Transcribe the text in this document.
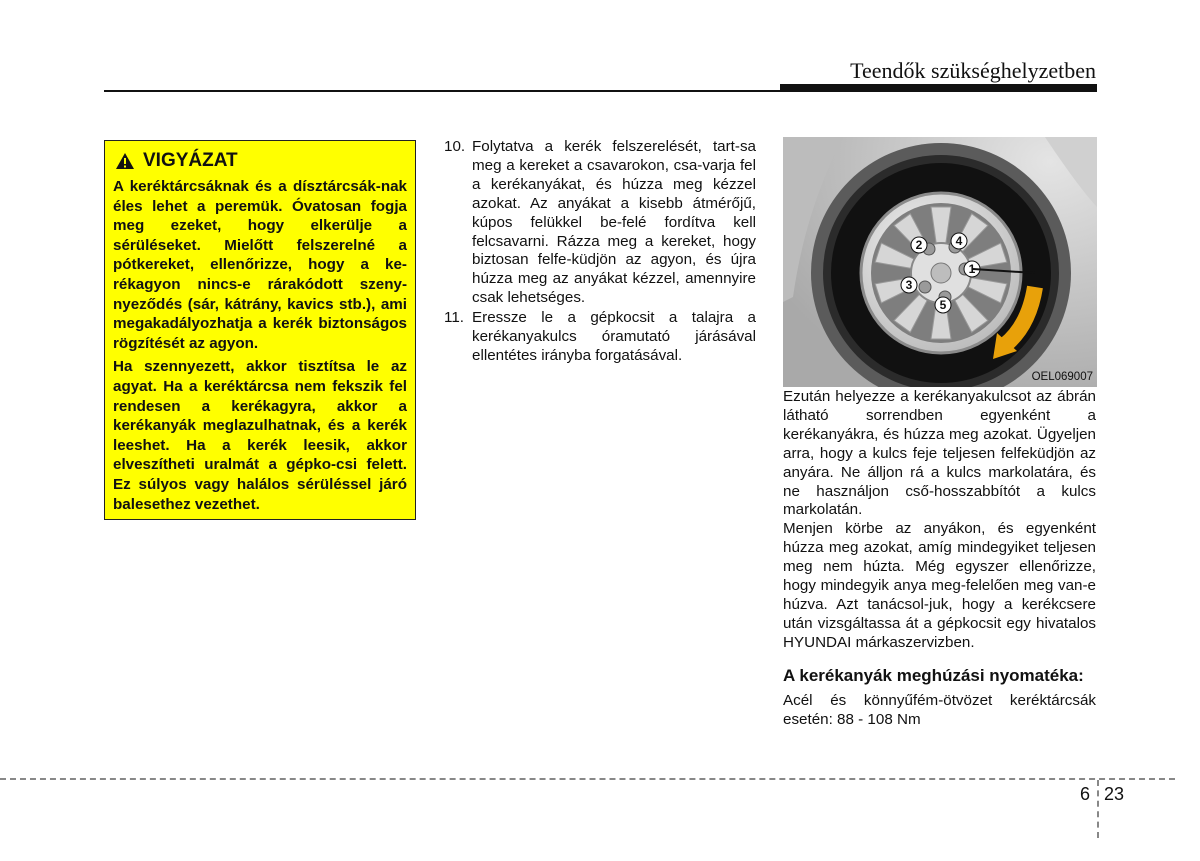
Teendők szükséghelyzetben
VIGYÁZAT

A keréktárcsáknak és a dísztárcsák-nak éles lehet a peremük. Óvatosan fogja meg ezeket, hogy elkerülje a sérüléseket. Mielőtt felszerelné a pótkereket, ellenőrizze, hogy a ke-rékagyon nincs-e rárakódott szeny-nyeződés (sár, kátrány, kavics stb.), ami megakadályozhatja a kerék biztonságos rögzítését az agyon.

Ha szennyezett, akkor tisztítsa le az agyat. Ha a keréktárcsa nem fekszik fel rendesen a kerékagyra, akkor a kerékanyák meglazulhatnak, és a kerék leeshet. Ha a kerék leesik, akkor elveszítheti uralmát a gépko-csi felett. Ez súlyos vagy halálos sérüléssel járó balesethez vezethet.

10. Folytatva a kerék felszerelését, tart-sa meg a kereket a csavarokon, csa-varja fel a kerékanyákat, és húzza meg kézzel azokat. Az anyákat a kisebb átmérőjű, kúpos felükkel be-felé fordítva kell felcsavarni. Rázza meg a kereket, hogy biztosan felfe-küdjön az agyon, és újra húzza meg az anyákat kézzel, amennyire csak lehetséges.
11. Eressze le a gépkocsit a talajra a kerékanyakulcs óramutató járásával ellentétes irányba forgatásával.
1
2
3
4
5
OEL069007

Ezután helyezze a kerékanyakulcsot az ábrán látható sorrendben egyenként a kerékanyákra, és húzza meg azokat. Ügyeljen arra, hogy a kulcs feje teljesen felfeküdjön az anyára. Ne álljon rá a kulcs markolatára, és ne használjon cső-hosszabbítót a kulcs markolatán.

Menjen körbe az anyákon, és egyenként húzza meg azokat, amíg mindegyiket teljesen meg nem húzta. Még egyszer ellenőrizze, hogy mindegyik anya meg-felelően meg van-e húzva. Azt tanácsol-juk, hogy a kerékcsere után vizsgáltassa át a gépkocsit egy hivatalos HYUNDAI márkaszervizben.

A kerékanyák meghúzási nyomatéka:

Acél és könnyűfém-ötvözet keréktárcsák esetén: 88 - 108 Nm

6 23
